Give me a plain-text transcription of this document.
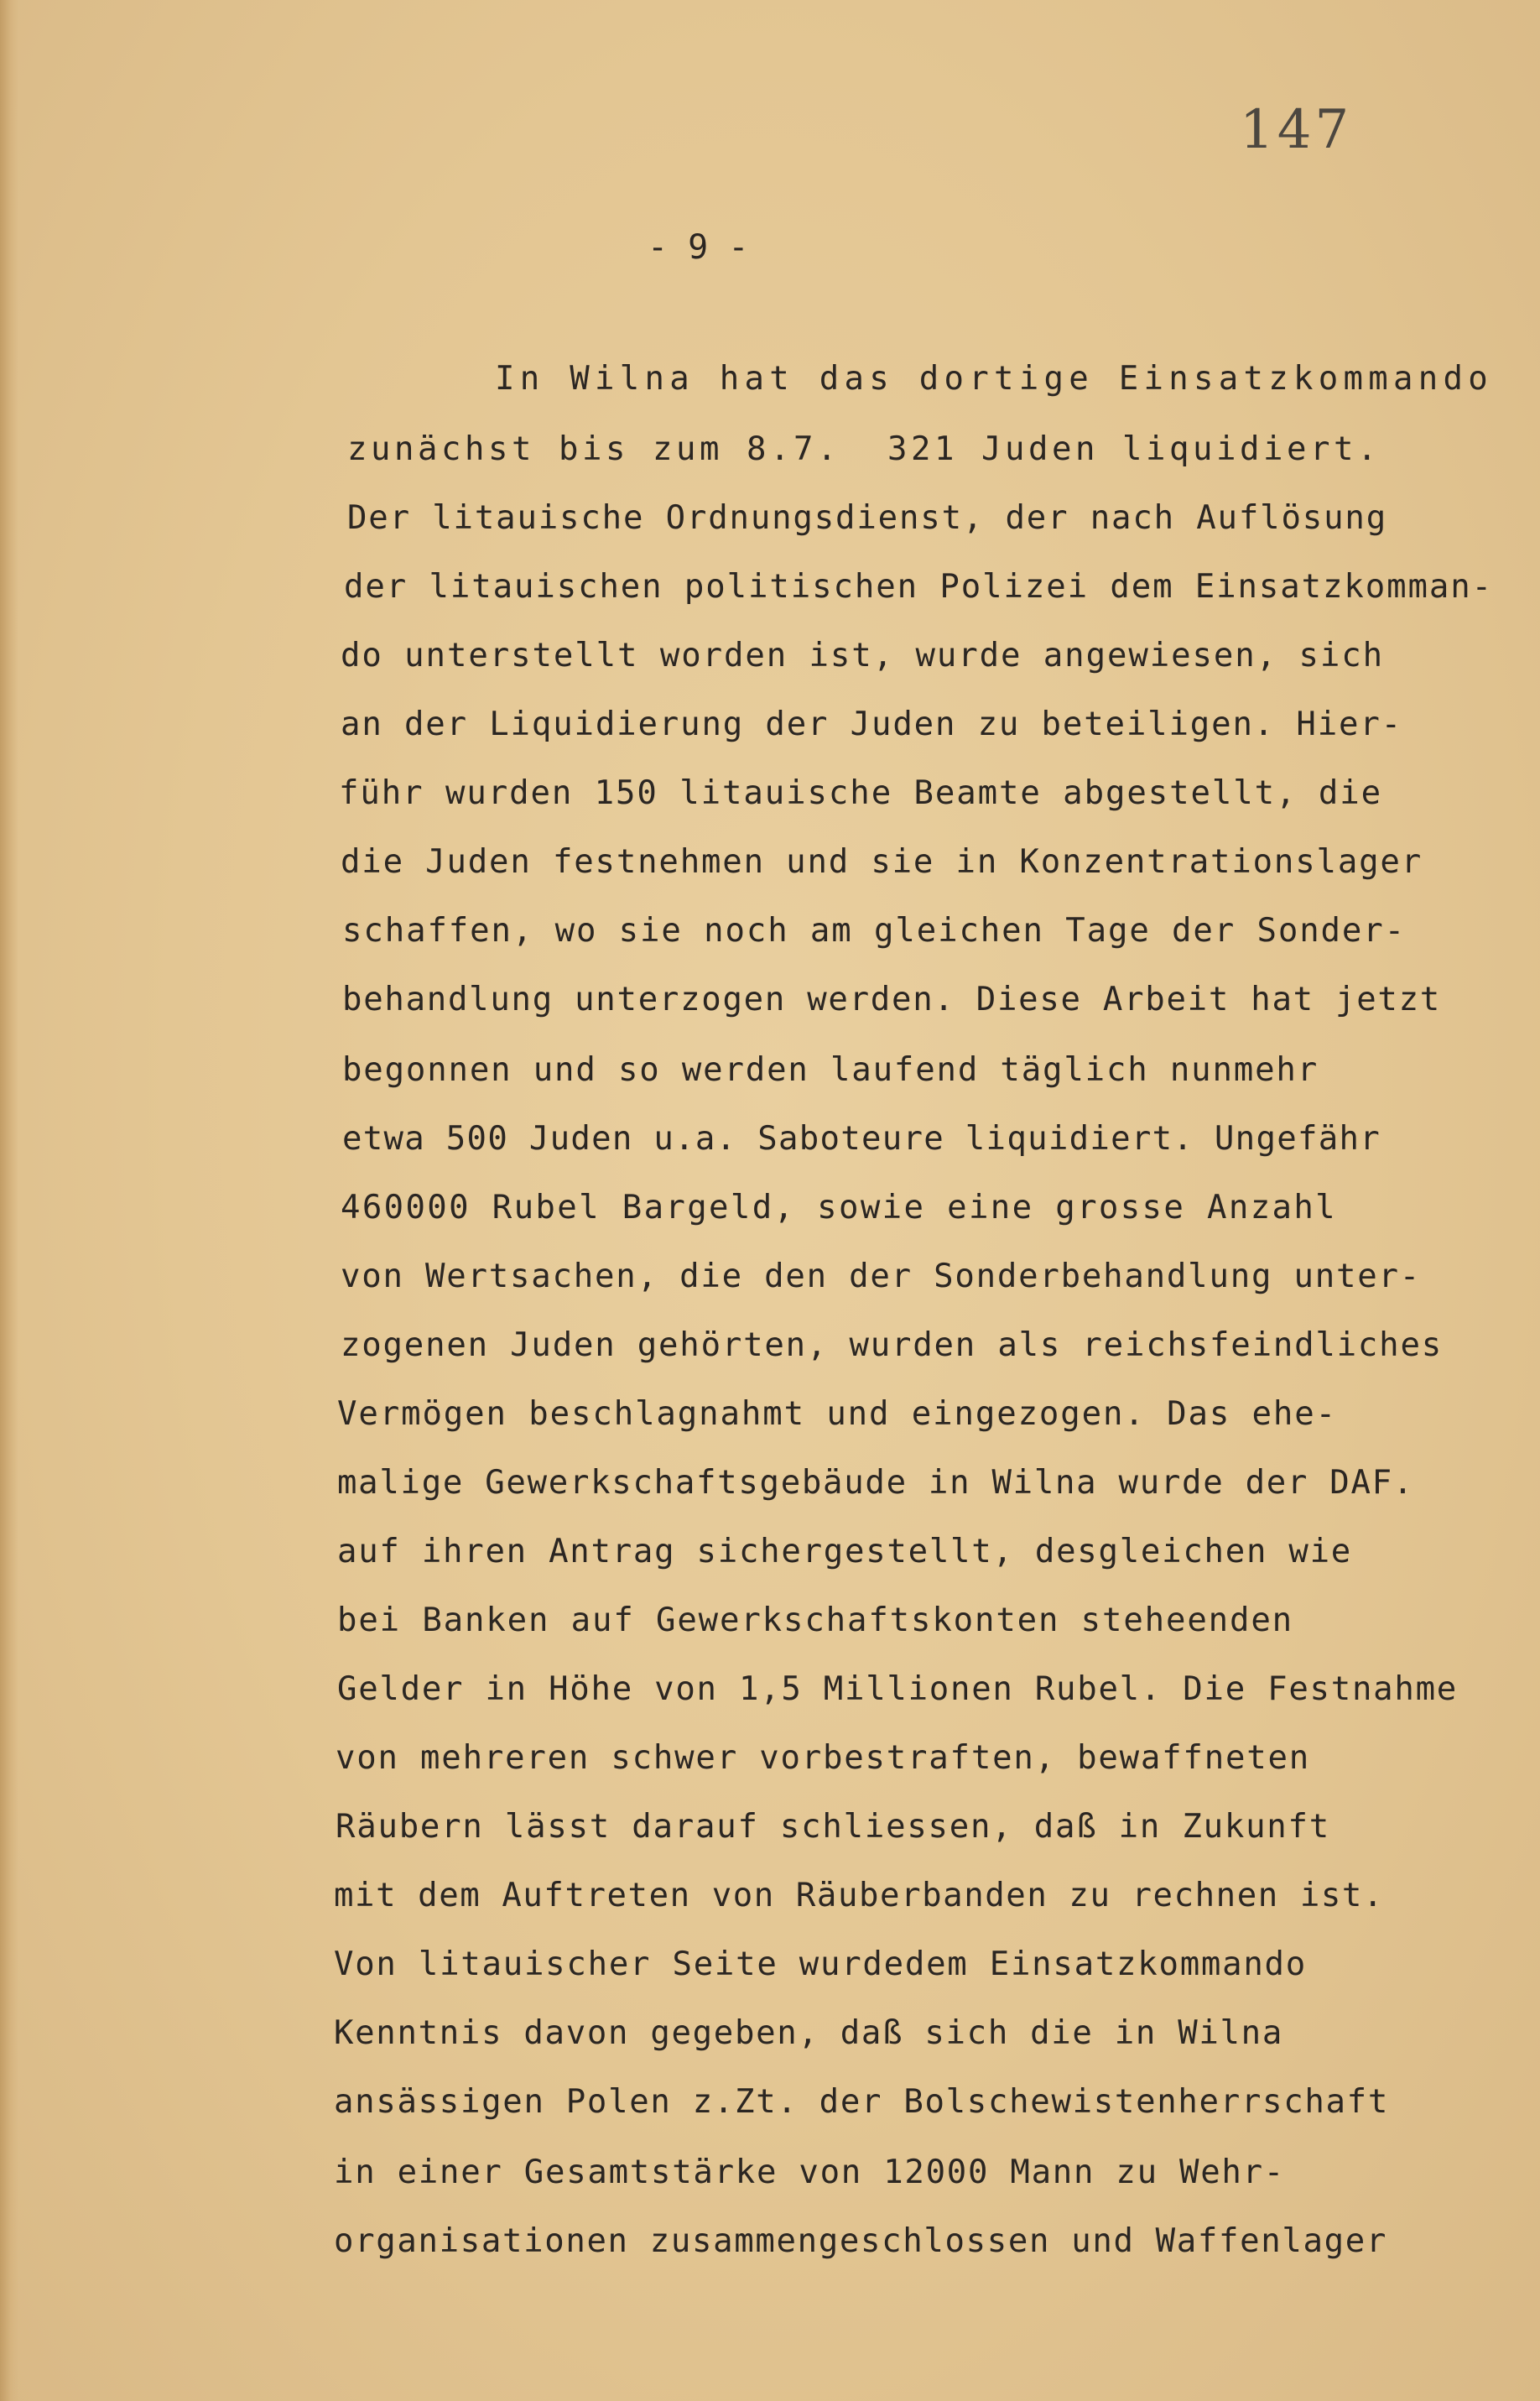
147
- 9 -
In Wilna hat das dortige Einsatzkommando
zunächst bis zum 8.7.  321 Juden liquidiert.
Der litauische Ordnungsdienst, der nach Auflösung
der litauischen politischen Polizei dem Einsatzkomman-
do unterstellt worden ist, wurde angewiesen, sich
an der Liquidierung der Juden zu beteiligen. Hier-
führ wurden 150 litauische Beamte abgestellt, die
die Juden festnehmen und sie in Konzentrationslager
schaffen, wo sie noch am gleichen Tage der Sonder-
behandlung unterzogen werden. Diese Arbeit hat jetzt
begonnen und so werden laufend täglich nunmehr
etwa 500 Juden u.a. Saboteure liquidiert. Ungefähr
460000 Rubel Bargeld, sowie eine grosse Anzahl
von Wertsachen, die den der Sonderbehandlung unter-
zogenen Juden gehörten, wurden als reichsfeindliches
Vermögen beschlagnahmt und eingezogen. Das ehe-
malige Gewerkschaftsgebäude in Wilna wurde der DAF.
auf ihren Antrag sichergestellt, desgleichen wie
bei Banken auf Gewerkschaftskonten steheenden
Gelder in Höhe von 1,5 Millionen Rubel. Die Festnahme
von mehreren schwer vorbestraften, bewaffneten
Räubern lässt darauf schliessen, daß in Zukunft
mit dem Auftreten von Räuberbanden zu rechnen ist.
Von litauischer Seite wurdedem Einsatzkommando
Kenntnis davon gegeben, daß sich die in Wilna
ansässigen Polen z.Zt. der Bolschewistenherrschaft
in einer Gesamtstärke von 12000 Mann zu Wehr-
organisationen zusammengeschlossen und Waffenlager
